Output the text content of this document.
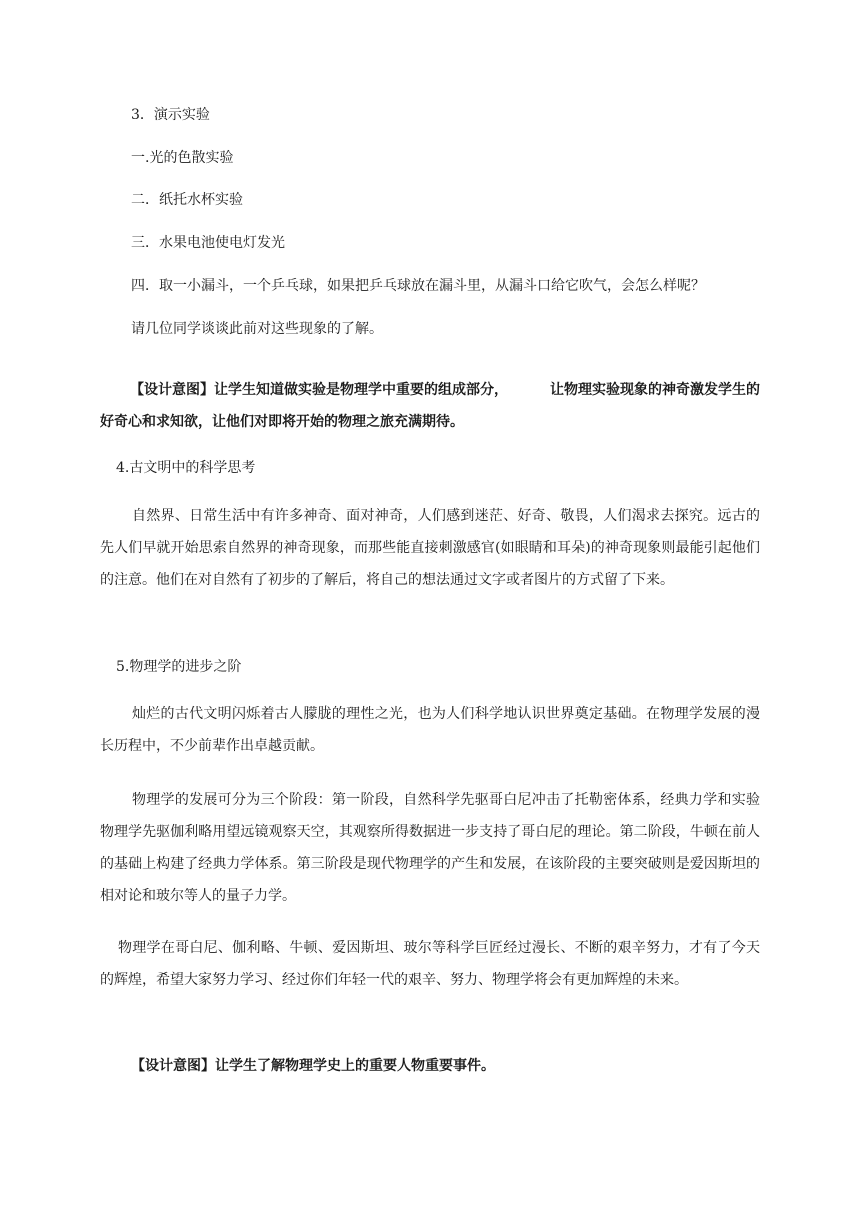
3．演示实验
一.光的色散实验
二．纸托水杯实验
三．水果电池使电灯发光
四．取一小漏斗，一个乒乓球，如果把乒乓球放在漏斗里，从漏斗口给它吹气，会怎么样呢？
请几位同学谈谈此前对这些现象的了解。
【设计意图】让学生知道做实验是物理学中重要的组成部分，	让物理实验现象的神奇激发学生的好奇心和求知欲，让他们对即将开始的物理之旅充满期待。
4.古文明中的科学思考
自然界、日常生活中有许多神奇、面对神奇，人们感到迷茫、好奇、敬畏，人们渴求去探究。远古的先人们早就开始思索自然界的神奇现象，而那些能直接刺激感官(如眼睛和耳朵)的神奇现象则最能引起他们的注意。他们在对自然有了初步的了解后，将自己的想法通过文字或者图片的方式留了下来。
5.物理学的进步之阶
灿烂的古代文明闪烁着古人朦胧的理性之光，也为人们科学地认识世界奠定基础。在物理学发展的漫长历程中，不少前辈作出卓越贡献。
物理学的发展可分为三个阶段：第一阶段，自然科学先驱哥白尼冲击了托勒密体系，经典力学和实验物理学先驱伽利略用望远镜观察天空，其观察所得数据进一步支持了哥白尼的理论。第二阶段，牛顿在前人的基础上构建了经典力学体系。第三阶段是现代物理学的产生和发展，在该阶段的主要突破则是爱因斯坦的相对论和玻尔等人的量子力学。
物理学在哥白尼、伽利略、牛顿、爱因斯坦、玻尔等科学巨匠经过漫长、不断的艰辛努力，才有了今天的辉煌，希望大家努力学习、经过你们年轻一代的艰辛、努力、物理学将会有更加辉煌的未来。
【设计意图】让学生了解物理学史上的重要人物重要事件。
